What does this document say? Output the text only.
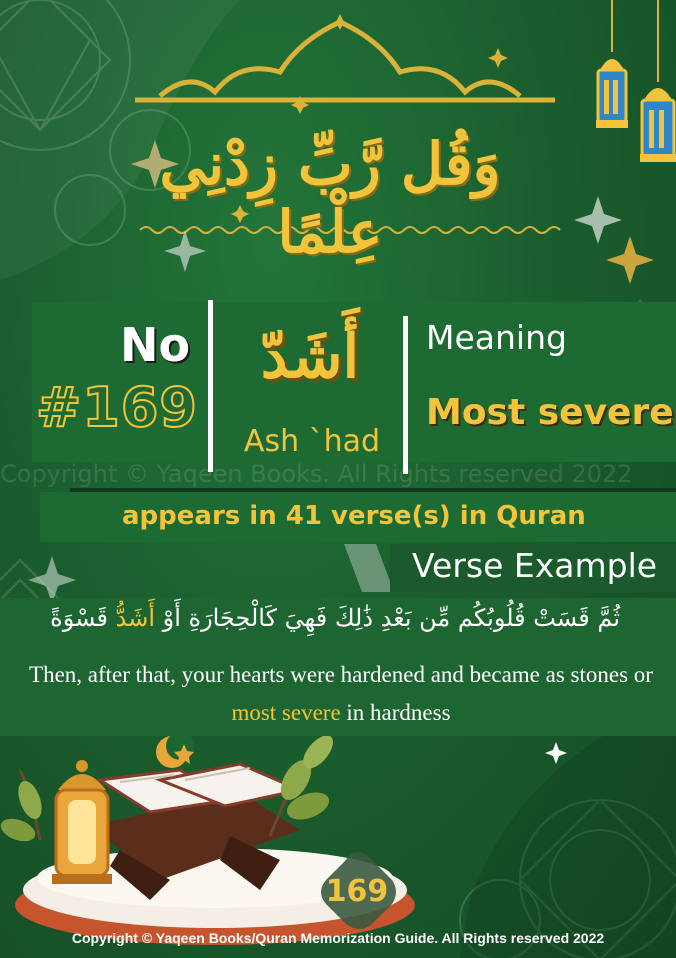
وَقُل رَّبِّ زِدْنِي عِلْمًا
No
#169
أَشَدّ
Ash `had
Meaning
Most severe
Copyright © Yaqeen Books. All Rights reserved 2022
appears in 41 verse(s) in Quran
Verse Example
ثُمَّ قَسَتْ قُلُوبُكُم مِّن بَعْدِ ذَٰلِكَ فَهِيَ كَالْحِجَارَةِ أَوْ أَشَدُّ قَسْوَةً
Then, after that, your hearts were hardened and became as stones or most severe in hardness
169
Copyright © Yaqeen Books/Quran Memorization Guide. All Rights reserved 2022
